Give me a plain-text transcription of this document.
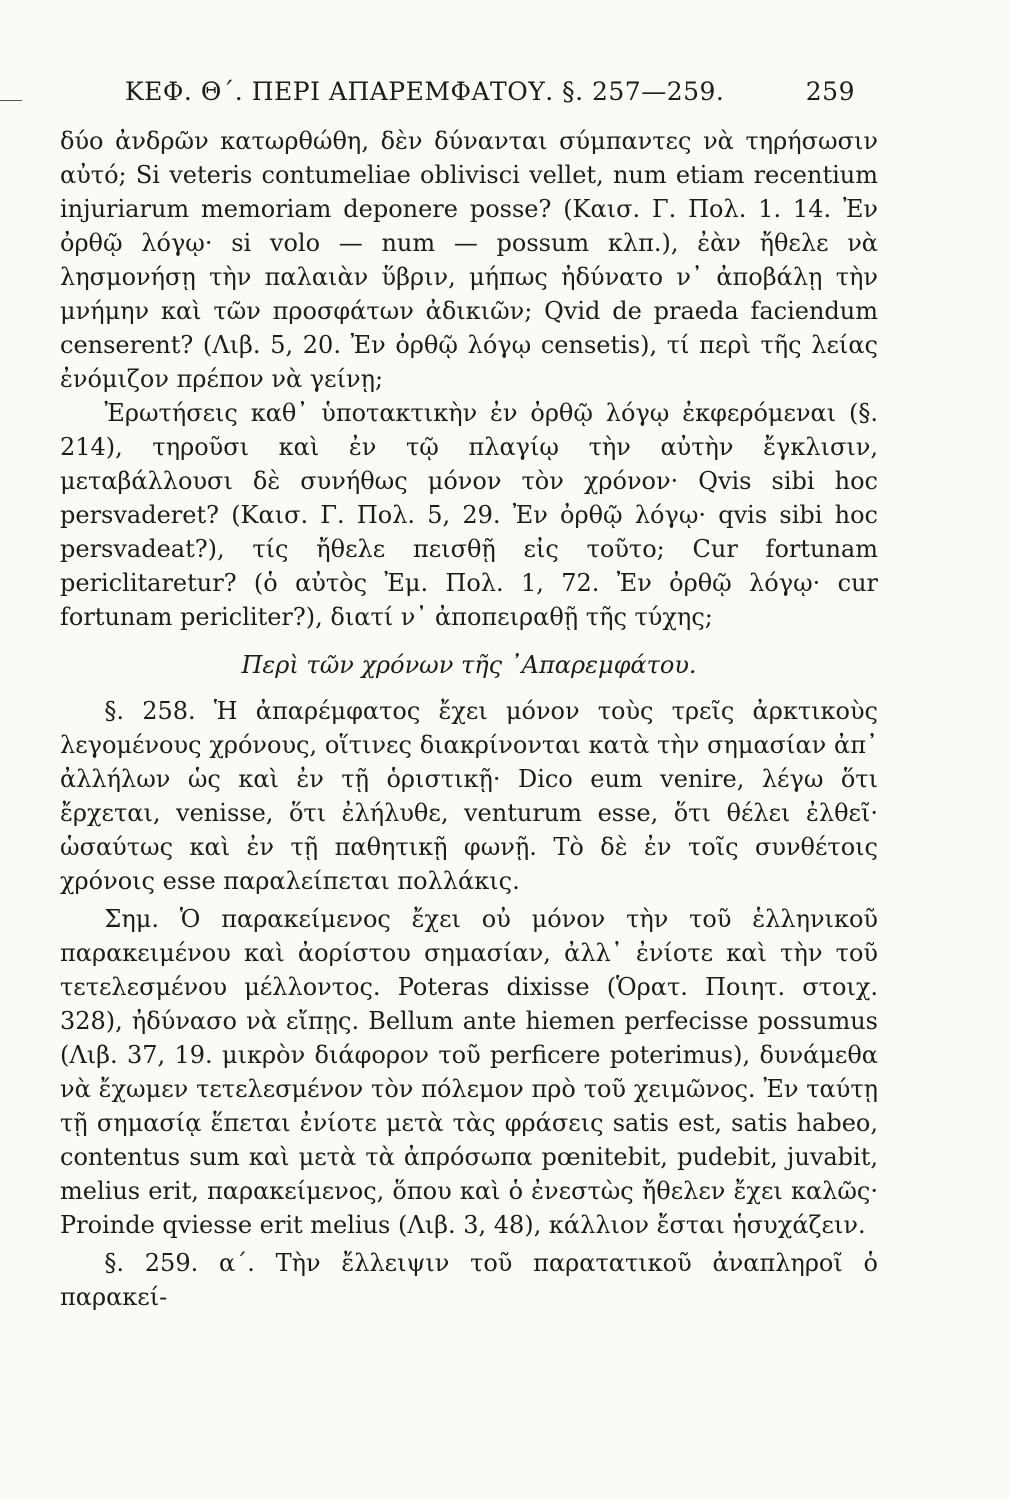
ΚΕΦ. Θ΄. ΠΕΡΙ ΑΠΑΡΕΜΦΑΤΟΥ. §. 257—259.	259

δύο ἀνδρῶν κατωρθώθη, δὲν δύνανται σύμπαντες νὰ τηρήσωσιν αὐτό; Si veteris contumeliae oblivisci vellet, num etiam recentium injuriarum memoriam deponere posse? (Καισ. Γ. Πολ. 1. 14. Ἐν ὀρθῷ λόγῳ· si volo — num — possum κλπ.), ἐὰν ἤθελε νὰ λησμονήσῃ τὴν παλαιὰν ὕβριν, μήπως ἠδύνατο ν᾿ ἀποβάλῃ τὴν μνήμην καὶ τῶν προσφάτων ἀδικιῶν; Qvid de praeda faciendum censerent? (Λιβ. 5, 20. Ἐν ὀρθῷ λόγῳ censetis), τί περὶ τῆς λείας ἐνόμιζον πρέπον νὰ γείνῃ;

Ἐρωτήσεις καθ᾿ ὑποτακτικὴν ἐν ὀρθῷ λόγῳ ἐκφερόμεναι (§. 214), τηροῦσι καὶ ἐν τῷ πλαγίῳ τὴν αὐτὴν ἔγκλισιν, μεταβάλλουσι δὲ συνήθως μόνον τὸν χρόνον· Qvis sibi hoc persvaderet? (Καισ. Γ. Πολ. 5, 29. Ἐν ὀρθῷ λόγῳ· qvis sibi hoc persvadeat?), τίς ἤθελε πεισθῇ εἰς τοῦτο; Cur fortunam periclitaretur? (ὁ αὐτὸς Ἐμ. Πολ. 1, 72. Ἐν ὀρθῷ λόγῳ· cur fortunam pericliter?), διατί ν᾿ ἀποπειραθῇ τῆς τύχης;

Περὶ τῶν χρόνων τῆς ᾿Απαρεμφάτου.

§. 258. Ἡ ἀπαρέμφατος ἔχει μόνον τοὺς τρεῖς ἀρκτικοὺς λεγομένους χρόνους, οἵτινες διακρίνονται κατὰ τὴν σημασίαν ἀπ᾿ ἀλλήλων ὡς καὶ ἐν τῇ ὁριστικῇ· Dico eum venire, λέγω ὅτι ἔρχεται, venisse, ὅτι ἐλήλυθε, venturum esse, ὅτι θέλει ἐλθεῖ· ὡσαύτως καὶ ἐν τῇ παθητικῇ φωνῇ. Τὸ δὲ ἐν τοῖς συνθέτοις χρόνοις esse παραλείπεται πολλάκις.

Σημ. Ὁ παρακείμενος ἔχει οὐ μόνον τὴν τοῦ ἑλληνικοῦ παρακειμένου καὶ ἀορίστου σημασίαν, ἀλλ᾿ ἐνίοτε καὶ τὴν τοῦ τετελεσμένου μέλλοντος. Poteras dixisse (Ὁρατ. Ποιητ. στοιχ. 328), ἠδύνασο νὰ εἴπῃς. Bellum ante hiemen perfecisse possumus (Λιβ. 37, 19. μικρὸν διάφορον τοῦ perficere poterimus), δυνάμεθα νὰ ἔχωμεν τετελεσμένον τὸν πόλεμον πρὸ τοῦ χειμῶνος. Ἐν ταύτῃ τῇ σημασίᾳ ἕπεται ἐνίοτε μετὰ τὰς φράσεις satis est, satis habeo, contentus sum καὶ μετὰ τὰ ἀπρόσωπα pœnitebit, pudebit, juvabit, melius erit, παρακείμενος, ὅπου καὶ ὁ ἐνεστὼς ἤθελεν ἔχει καλῶς· Proinde qviesse erit melius (Λιβ. 3, 48), κάλλιον ἔσται ἡσυχάζειν.

§. 259. α΄. Τὴν ἔλλειψιν τοῦ παρατατικοῦ ἀναπληροῖ ὁ παρακεί-
